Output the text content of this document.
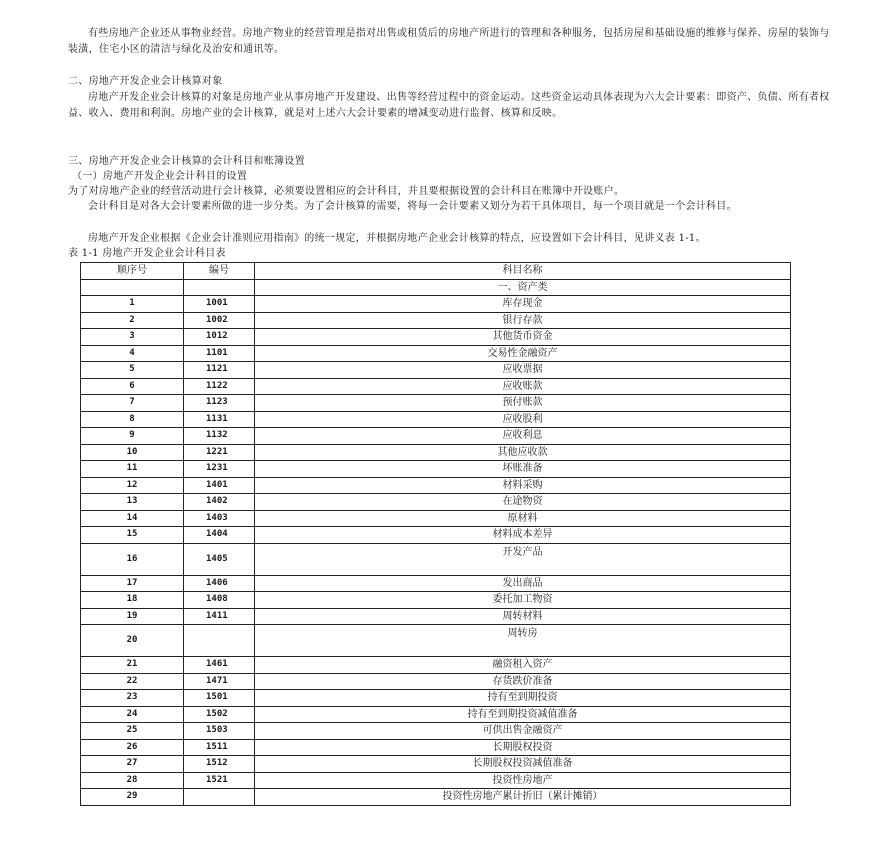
有些房地产企业还从事物业经营。房地产物业的经营管理是指对出售或租赁后的房地产所进行的管理和各种服务，包括房屋和基础设施的维修与保养、房屋的装饰与装潢，住宅小区的清洁与绿化及治安和通讯等。

二、房地产开发企业会计核算对象

房地产开发企业会计核算的对象是房地产业从事房地产开发建设、出售等经营过程中的资金运动。这些资金运动具体表现为六大会计要素：即资产、负债、所有者权益、收入、费用和利润。房地产业的会计核算，就是对上述六大会计要素的增减变动进行监督、核算和反映。

三、房地产开发企业会计核算的会计科目和账簿设置

（一）房地产开发企业会计科目的设置

为了对房地产企业的经营活动进行会计核算，必须要设置相应的会计科目，并且要根据设置的会计科目在账簿中开设账户。

会计科目是对各大会计要素所做的进一步分类。为了会计核算的需要，将每一会计要素又划分为若干具体项目，每一个项目就是一个会计科目。

房地产开发企业根据《企业会计准则应用指南》的统一规定，并根据房地产企业会计核算的特点，应设置如下会计科目，见讲义表 1-1。

表 1-1 房地产开发企业会计科目表

顺序号	编号	科目名称
		一、资产类
1	1001	库存现金
2	1002	银行存款
3	1012	其他货币资金
4	1101	交易性金融资产
5	1121	应收票据
6	1122	应收账款
7	1123	预付账款
8	1131	应收股利
9	1132	应收利息
10	1221	其他应收款
11	1231	坏账准备
12	1401	材料采购
13	1402	在途物资
14	1403	原材料
15	1404	材料成本差异
16	1405	开发产品
17	1406	发出商品
18	1408	委托加工物资
19	1411	周转材料
20		周转房
21	1461	融资租入资产
22	1471	存货跌价准备
23	1501	持有至到期投资
24	1502	持有至到期投资减值准备
25	1503	可供出售金融资产
26	1511	长期股权投资
27	1512	长期股权投资减值准备
28	1521	投资性房地产
29		投资性房地产累计折旧（累计摊销）
